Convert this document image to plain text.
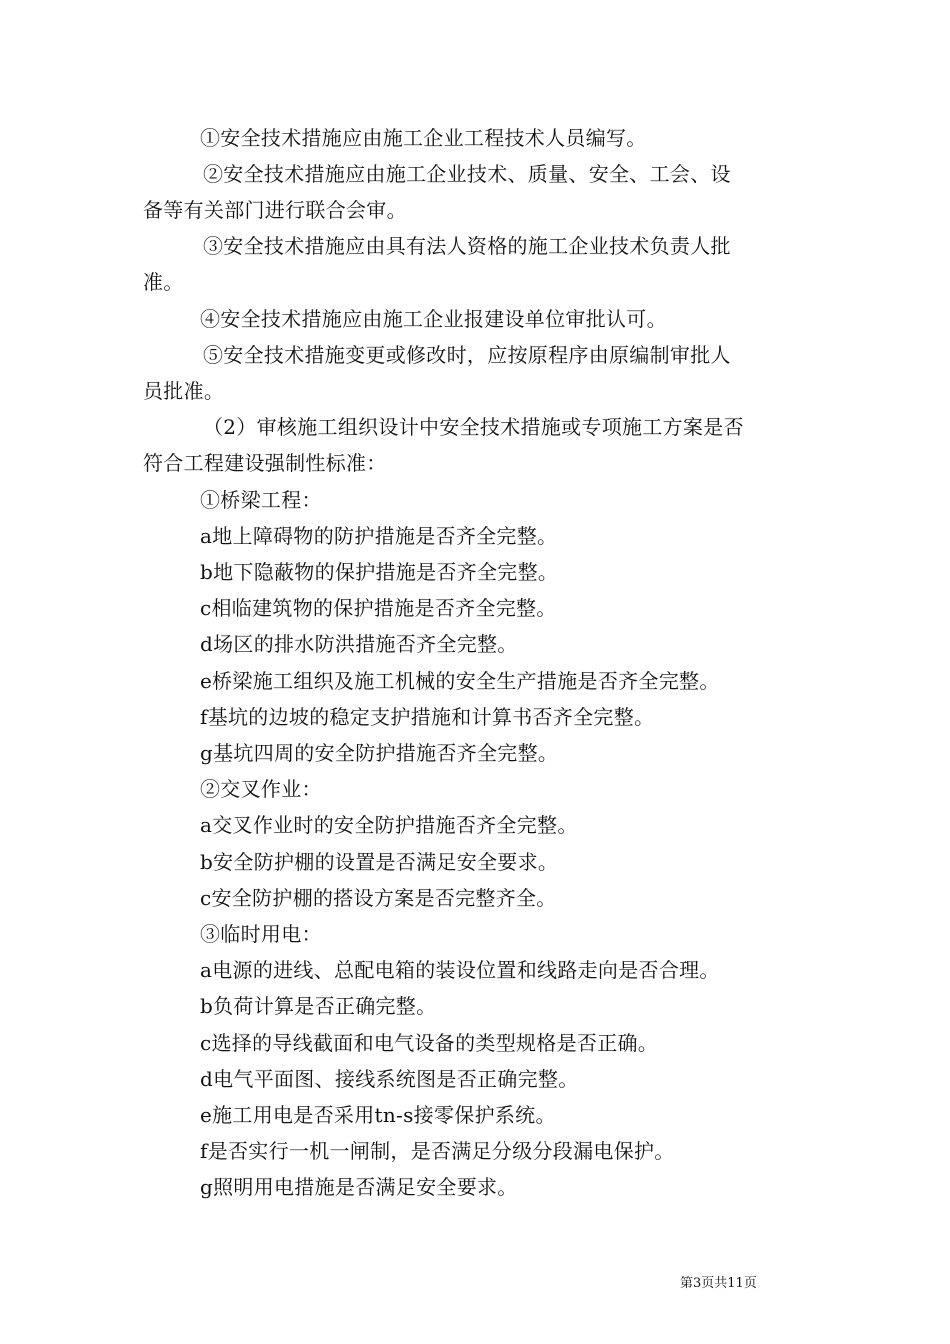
①安全技术措施应由施工企业工程技术人员编写。
②安全技术措施应由施工企业技术、质量、安全、工会、设
备等有关部门进行联合会审。
③安全技术措施应由具有法人资格的施工企业技术负责人批
准。
④安全技术措施应由施工企业报建设单位审批认可。
⑤安全技术措施变更或修改时，应按原程序由原编制审批人
员批准。
（2）审核施工组织设计中安全技术措施或专项施工方案是否
符合工程建设强制性标准：
①桥梁工程：
a地上障碍物的防护措施是否齐全完整。
b地下隐蔽物的保护措施是否齐全完整。
c相临建筑物的保护措施是否齐全完整。
d场区的排水防洪措施否齐全完整。
e桥梁施工组织及施工机械的安全生产措施是否齐全完整。
f基坑的边坡的稳定支护措施和计算书否齐全完整。
g基坑四周的安全防护措施否齐全完整。
②交叉作业：
a交叉作业时的安全防护措施否齐全完整。
b安全防护棚的设置是否满足安全要求。
c安全防护棚的搭设方案是否完整齐全。
③临时用电：
a电源的进线、总配电箱的装设位置和线路走向是否合理。
b负荷计算是否正确完整。
c选择的导线截面和电气设备的类型规格是否正确。
d电气平面图、接线系统图是否正确完整。
e施工用电是否采用tn-s接零保护系统。
f是否实行一机一闸制，是否满足分级分段漏电保护。
g照明用电措施是否满足安全要求。
第3页共11页
